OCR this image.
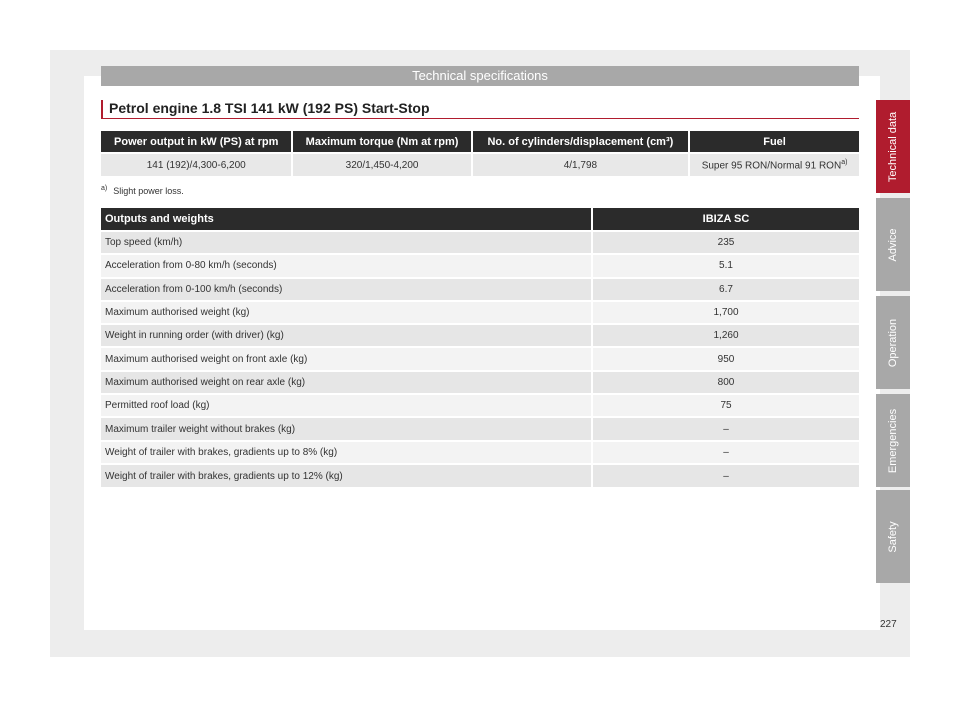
Technical specifications
Petrol engine 1.8 TSI 141 kW (192 PS) Start-Stop
Power output in kW (PS) at rpm	Maximum torque (Nm at rpm)	No. of cylinders/displacement (cm³)	Fuel
141 (192)/4,300-6,200	320/1,450-4,200	4/1,798	Super 95 RON/Normal 91 RON$^{a)}$
$^{a)}$ Slight power loss.
Outputs and weights	IBIZA SC
Top speed (km/h)	235
Acceleration from 0-80 km/h (seconds)	5.1
Acceleration from 0-100 km/h (seconds)	6.7
Maximum authorised weight (kg)	1,700
Weight in running order (with driver) (kg)	1,260
Maximum authorised weight on front axle (kg)	950
Maximum authorised weight on rear axle (kg)	800
Permitted roof load (kg)	75
Maximum trailer weight without brakes (kg)	–
Weight of trailer with brakes, gradients up to 8% (kg)	–
Weight of trailer with brakes, gradients up to 12% (kg)	–
Technical data
Advice
Operation
Emergencies
Safety
227
